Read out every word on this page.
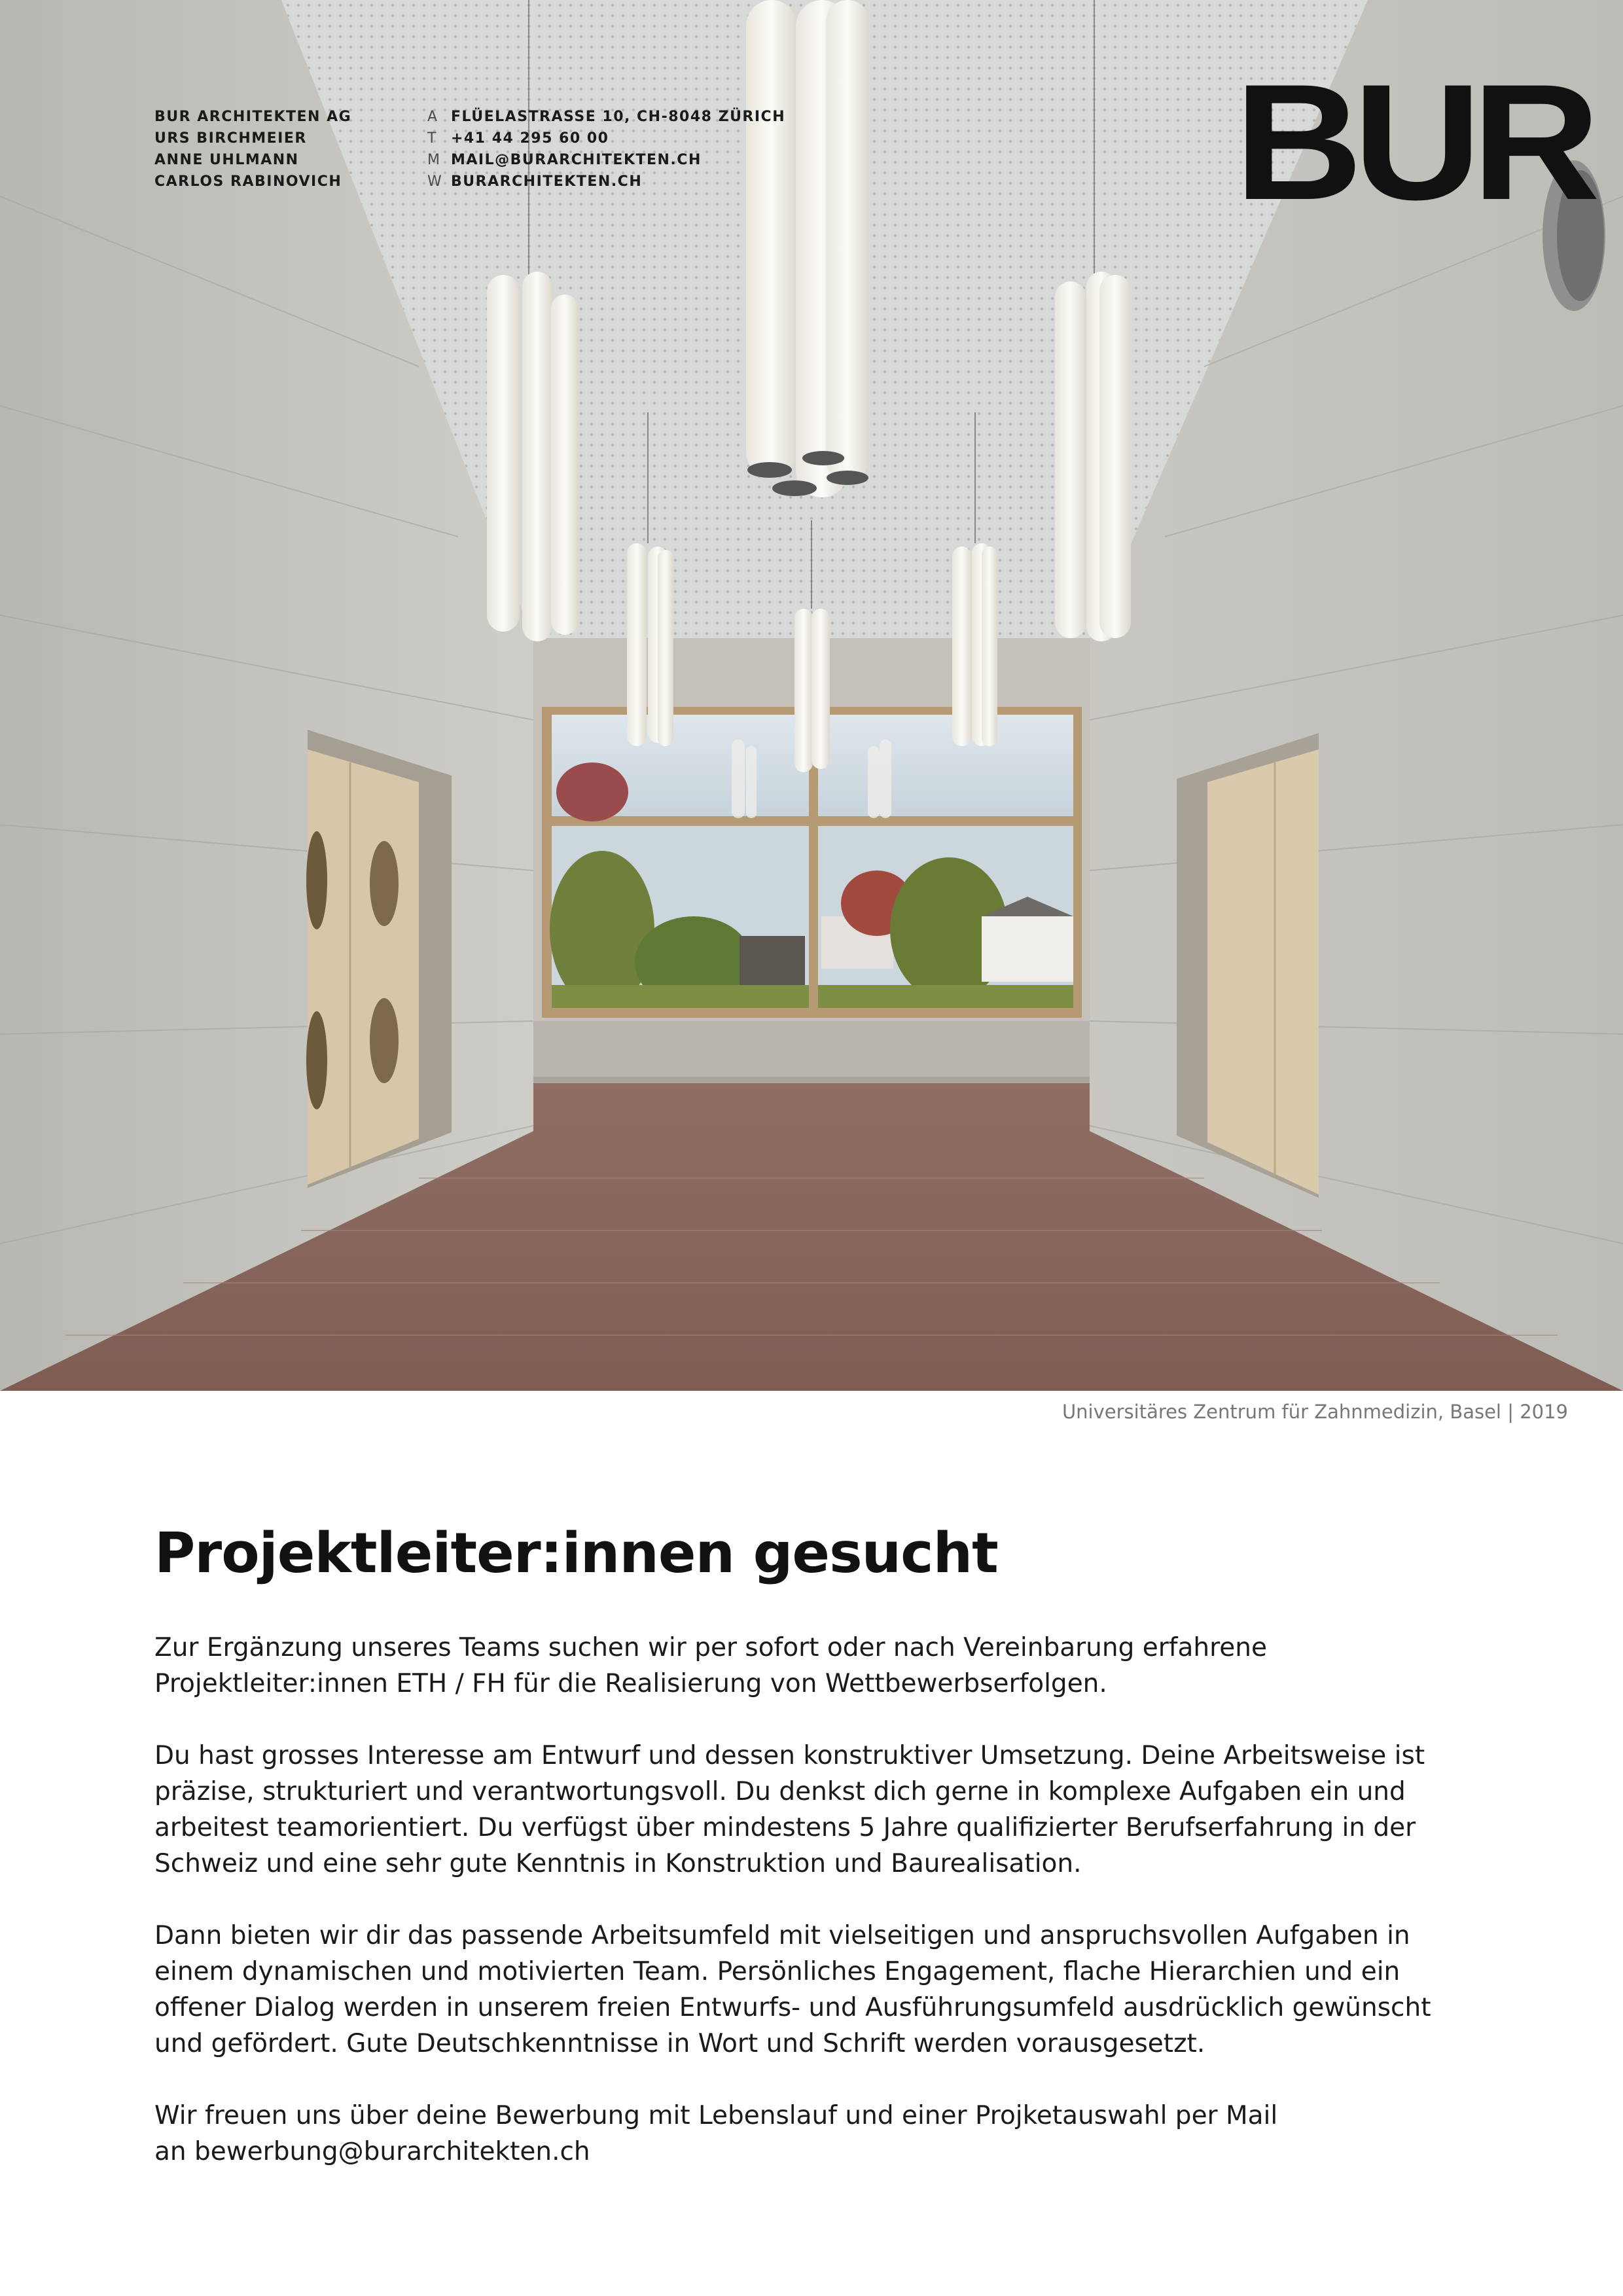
BUR ARCHITEKTEN AG
URS BIRCHMEIER
ANNE UHLMANN
CARLOS RABINOVICH
A FLÜELASTRASSE 10, CH-8048 ZÜRICH
T +41 44 295 60 00
M MAIL@BURARCHITEKTEN.CH
W BURARCHITEKTEN.CH	BUR
Universitäres Zentrum für Zahnmedizin, Basel | 2019
Projektleiter:innen gesucht

Zur Ergänzung unseres Teams suchen wir per sofort oder nach Vereinbarung erfahrene
Projektleiter:innen ETH / FH für die Realisierung von Wettbewerbserfolgen.

Du hast grosses Interesse am Entwurf und dessen konstruktiver Umsetzung. Deine Arbeitsweise ist
präzise, strukturiert und verantwortungsvoll. Du denkst dich gerne in komplexe Aufgaben ein und
arbeitest teamorientiert. Du verfügst über mindestens 5 Jahre qualifizierter Berufserfahrung in der
Schweiz und eine sehr gute Kenntnis in Konstruktion und Baurealisation.

Dann bieten wir dir das passende Arbeitsumfeld mit vielseitigen und anspruchsvollen Aufgaben in
einem dynamischen und motivierten Team. Persönliches Engagement, flache Hierarchien und ein
offener Dialog werden in unserem freien Entwurfs- und Ausführungsumfeld ausdrücklich gewünscht
und gefördert. Gute Deutschkenntnisse in Wort und Schrift werden vorausgesetzt.

Wir freuen uns über deine Bewerbung mit Lebenslauf und einer Projketauswahl per Mail
an bewerbung@burarchitekten.ch
